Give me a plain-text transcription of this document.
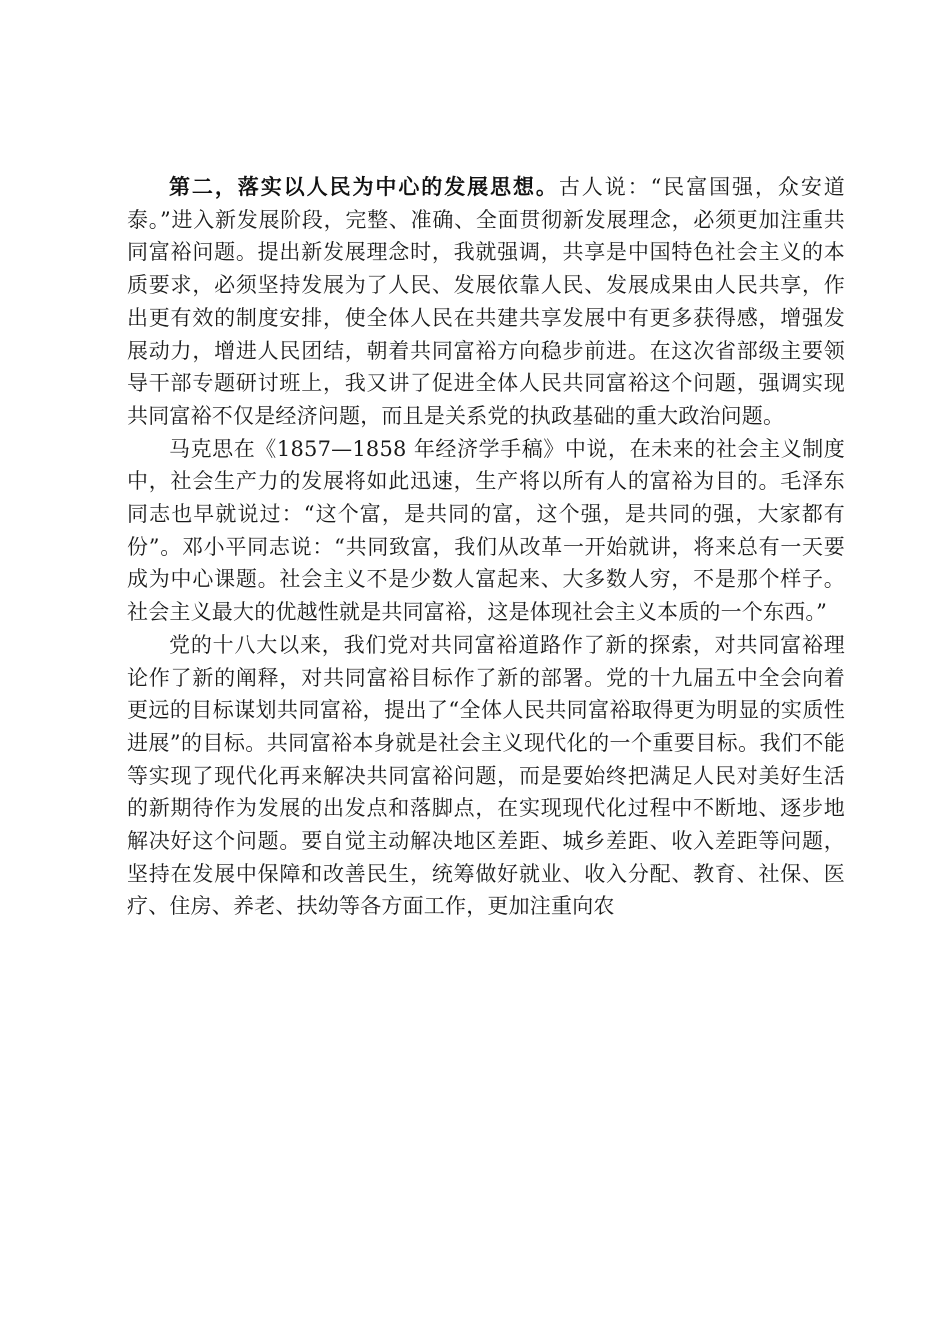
第二，落实以人民为中心的发展思想。古人说：“民富国强，众安道泰。”进入新发展阶段，完整、准确、全面贯彻新发展理念，必须更加注重共同富裕问题。提出新发展理念时，我就强调，共享是中国特色社会主义的本质要求，必须坚持发展为了人民、发展依靠人民、发展成果由人民共享，作出更有效的制度安排，使全体人民在共建共享发展中有更多获得感，增强发展动力，增进人民团结，朝着共同富裕方向稳步前进。在这次省部级主要领导干部专题研讨班上，我又讲了促进全体人民共同富裕这个问题，强调实现共同富裕不仅是经济问题，而且是关系党的执政基础的重大政治问题。

马克思在《1857—1858 年经济学手稿》中说，在未来的社会主义制度中，社会生产力的发展将如此迅速，生产将以所有人的富裕为目的。毛泽东同志也早就说过：“这个富，是共同的富，这个强，是共同的强，大家都有份”。邓小平同志说：“共同致富，我们从改革一开始就讲，将来总有一天要成为中心课题。社会主义不是少数人富起来、大多数人穷，不是那个样子。社会主义最大的优越性就是共同富裕，这是体现社会主义本质的一个东西。”

党的十八大以来，我们党对共同富裕道路作了新的探索，对共同富裕理论作了新的阐释，对共同富裕目标作了新的部署。党的十九届五中全会向着更远的目标谋划共同富裕，提出了“全体人民共同富裕取得更为明显的实质性进展”的目标。共同富裕本身就是社会主义现代化的一个重要目标。我们不能等实现了现代化再来解决共同富裕问题，而是要始终把满足人民对美好生活的新期待作为发展的出发点和落脚点，在实现现代化过程中不断地、逐步地解决好这个问题。要自觉主动解决地区差距、城乡差距、收入差距等问题，坚持在发展中保障和改善民生，统筹做好就业、收入分配、教育、社保、医疗、住房、养老、扶幼等各方面工作，更加注重向农
